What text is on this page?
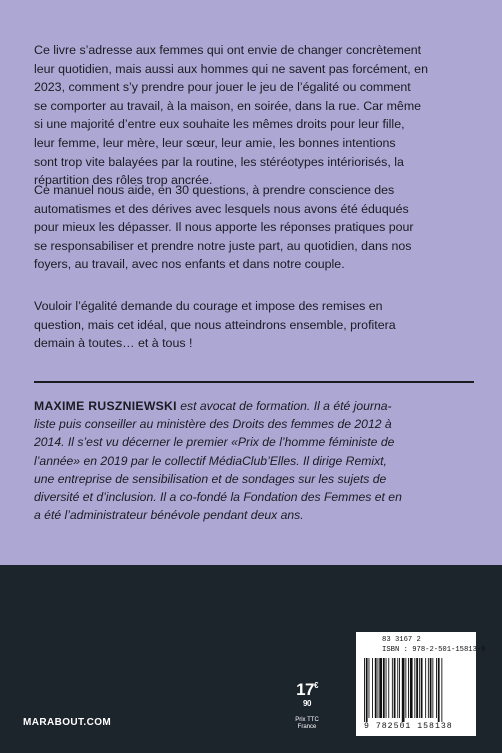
Ce livre s’adresse aux femmes qui ont envie de changer concrètement
leur quotidien, mais aussi aux hommes qui ne savent pas forcément, en
2023, comment s’y prendre pour jouer le jeu de l’égalité ou comment
se comporter au travail, à la maison, en soirée, dans la rue. Car même
si une majorité d’entre eux souhaite les mêmes droits pour leur fille,
leur femme, leur mère, leur sœur, leur amie, les bonnes intentions
sont trop vite balayées par la routine, les stéréotypes intériorisés, la
répartition des rôles trop ancrée.

Ce manuel nous aide, en 30 questions, à prendre conscience des
automatismes et des dérives avec lesquels nous avons été éduqués
pour mieux les dépasser. Il nous apporte les réponses pratiques pour
se responsabiliser et prendre notre juste part, au quotidien, dans nos
foyers, au travail, avec nos enfants et dans notre couple.

Vouloir l’égalité demande du courage et impose des remises en
question, mais cet idéal, que nous atteindrons ensemble, profitera
demain à toutes… et à tous !

MAXIME RUSZNIEWSKI est avocat de formation. Il a été journa-
liste puis conseiller au ministère des Droits des femmes de 2012 à
2014. Il s’est vu décerner le premier «Prix de l’homme féministe de
l’année» en 2019 par le collectif MédiaClub’Elles. Il dirige Remixt,
une entreprise de sensibilisation et de sondages sur les sujets de
diversité et d’inclusion. Il a co-fondé la Fondation des Femmes et en
a été l’administrateur bénévole pendant deux ans.

MARABOUT.COM
$17^{€ 90}$
Prix TTC
France
83 3167 2
ISBN : 978-2-501-15813-8
9 782501 158138
